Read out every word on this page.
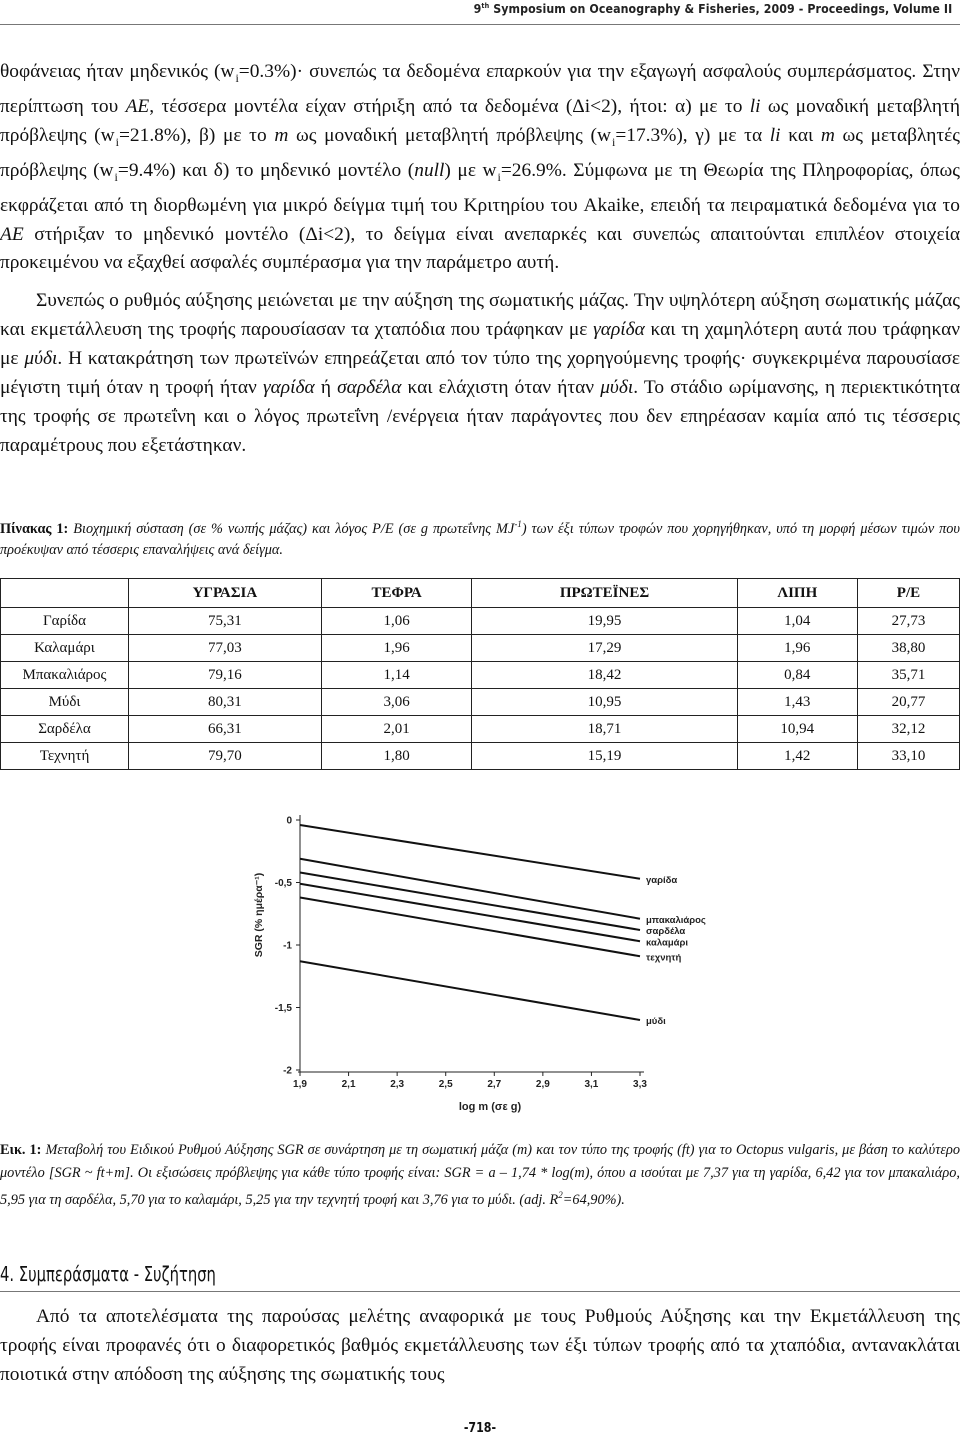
9th Symposium on Oceanography & Fisheries, 2009 - Proceedings, Volume II

θοφάνειας ήταν μηδενικός $(w_i=0.3\%)\cdot \sigma\upsilon\nu\varepsilon\pi ώ\varsigma$ τα δεδομένα επαρκούν για την εξαγωγή ασφαλούς συμπεράσματος. Στην περίπτωση του AE, τέσσερα μοντέλα είχαν στήριξη από τα δεδομένα (Δi<2), ήτοι: α) με το li ως μοναδική μεταβλητή πρόβλεψης $(w_i=21.8\%)$, β) με το m ως μοναδική μεταβλητή πρόβλεψης $(w_i=17.3\%)$, γ) με τα li και m ως μεταβλητές πρόβλεψης $(w_i=9.4\%)$ και δ) το μηδενικό μοντέλο (null) με $w_i=26.9\%$. Σύμφωνα με τη Θεωρία της Πληροφορίας, όπως εκφράζεται από τη διορθωμένη για μικρό δείγμα τιμή του Κριτηρίου του Akaike, επειδή τα πειραματικά δεδομένα για το AE στήριξαν το μηδενικό μοντέλο (Δi<2), το δείγμα είναι ανεπαρκές και συνεπώς απαιτούνται επιπλέον στοιχεία προκειμένου να εξαχθεί ασφαλές συμπέρασμα για την παράμετρο αυτή.

Συνεπώς ο ρυθμός αύξησης μειώνεται με την αύξηση της σωματικής μάζας. Την υψηλότερη αύξηση σωματικής μάζας και εκμετάλλευση της τροφής παρουσίασαν τα χταπόδια που τράφηκαν με γαρίδα και τη χαμηλότερη αυτά που τράφηκαν με μύδι. Η κατακράτηση των πρωτεϊνών επηρεάζεται από τον τύπο της χορηγούμενης τροφής· συγκεκριμένα παρουσίασε μέγιστη τιμή όταν η τροφή ήταν γαρίδα ή σαρδέλα και ελάχιστη όταν ήταν μύδι. Το στάδιο ωρίμανσης, η περιεκτικότητα της τροφής σε πρωτεΐνη και ο λόγος πρωτεΐνη /ενέργεια ήταν παράγοντες που δεν επηρέασαν καμία από τις τέσσερις παραμέτρους που εξετάστηκαν.

Πίνακας 1: Βιοχημική σύσταση (σε % νωπής μάζας) και λόγος P/E (σε g πρωτεΐνης $MJ^{-1}$) των έξι τύπων τροφών που χορηγήθηκαν, υπό τη μορφή μέσων τιμών που προέκυψαν από τέσσερις επαναλήψεις ανά δείγμα.
	ΥΓΡΑΣΙΑ	ΤΕΦΡΑ	ΠΡΩΤΕΪΝΕΣ	ΛΙΠΗ	P/E
Γαρίδα	75,31	1,06	19,95	1,04	27,73
Καλαμάρι	77,03	1,96	17,29	1,96	38,80
Μπακαλιάρος	79,16	1,14	18,42	0,84	35,71
Μύδι	80,31	3,06	10,95	1,43	20,77
Σαρδέλα	66,31	2,01	18,71	10,94	32,12
Τεχνητή	79,70	1,80	15,19	1,42	33,10
0
-0,5
-1
-1,5
-2
1,9	2,1	2,3	2,5	2,7	2,9	3,1	3,3
log m (σε g)
SGR (% ημέρα⁻¹)	γαρίδα
μπακαλιάρος
σαρδέλα
καλαμάρι
τεχνητή
μύδι
Εικ. 1: Μεταβολή του Ειδικού Ρυθμού Αύξησης SGR σε συνάρτηση με τη σωματική μάζα (m) και τον τύπο της τροφής (ft) για το Octopus vulgaris, με βάση το καλύτερο μοντέλο [SGR ~ ft+m]. Οι εξισώσεις πρόβλεψης για κάθε τύπο τροφής είναι: SGR = a – 1,74 * log(m), όπου a ισούται με 7,37 για τη γαρίδα, 6,42 για τον μπακαλιάρο, 5,95 για τη σαρδέλα, 5,70 για το καλαμάρι, 5,25 για την τεχνητή τροφή και 3,76 για το μύδι. (adj. $R^2=64,90\%$).
4. Συμπεράσματα - Συζήτηση

Από τα αποτελέσματα της παρούσας μελέτης αναφορικά με τους Ρυθμούς Αύξησης και την Εκμετάλλευση της τροφής είναι προφανές ότι ο διαφορετικός βαθμός εκμετάλλευσης των έξι τύπων τροφής από τα χταπόδια, αντανακλάται ποιοτικά στην απόδοση της αύξησης της σωματικής τους

-718-
